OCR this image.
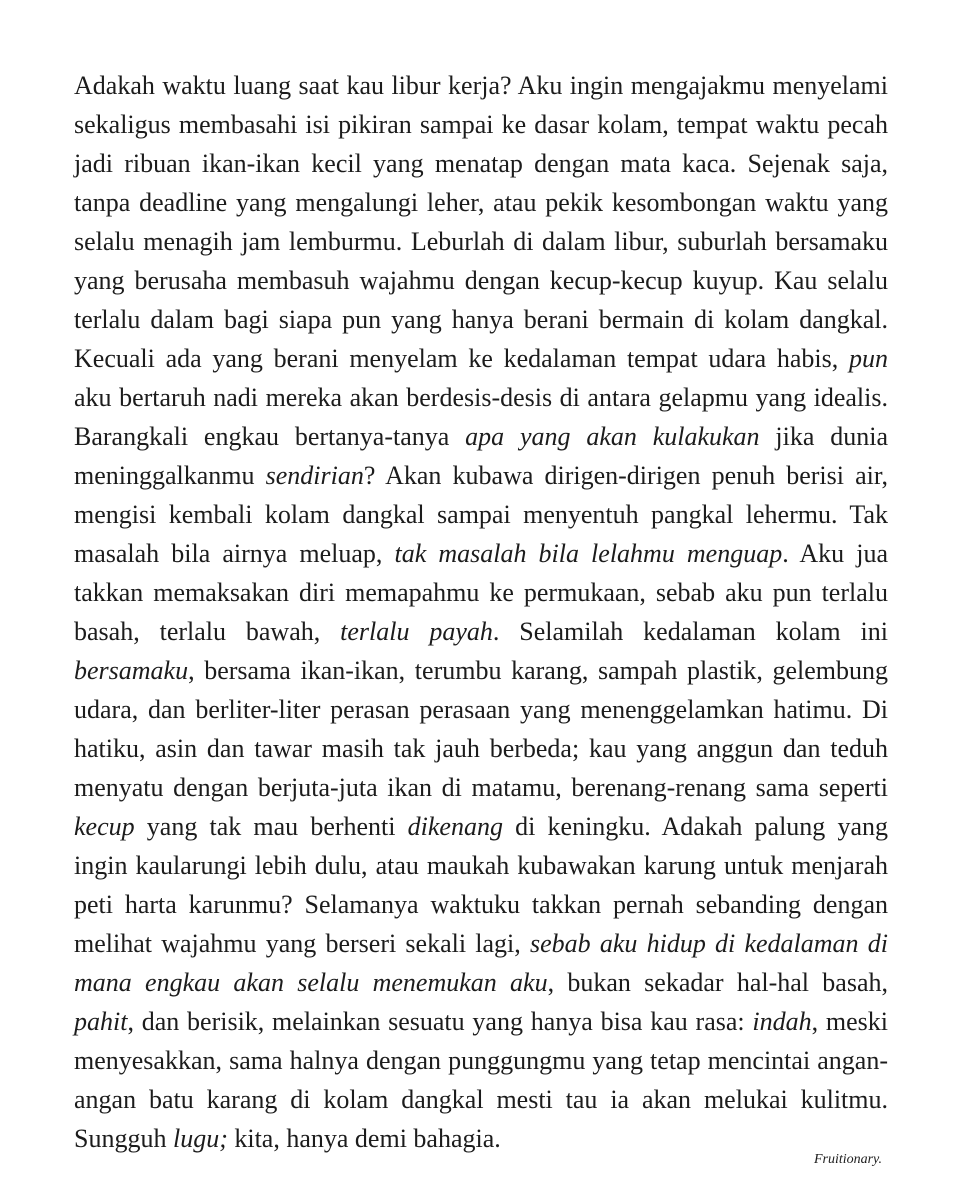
Adakah waktu luang saat kau libur kerja? Aku ingin mengajakmu menyelami sekaligus membasahi isi pikiran sampai ke dasar kolam, tempat waktu pecah jadi ribuan ikan-ikan kecil yang menatap dengan mata kaca. Sejenak saja, tanpa deadline yang mengalungi leher, atau pekik kesombongan waktu yang selalu menagih jam lemburmu. Leburlah di dalam libur, suburlah bersamaku yang berusaha membasuh wajahmu dengan kecup-kecup kuyup. Kau selalu terlalu dalam bagi siapa pun yang hanya berani bermain di kolam dangkal. Kecuali ada yang berani menyelam ke kedalaman tempat udara habis, pun aku bertaruh nadi mereka akan berdesis-desis di antara gelapmu yang idealis. Barangkali engkau bertanya-tanya apa yang akan kulakukan jika dunia meninggalkanmu sendirian? Akan kubawa dirigen-dirigen penuh berisi air, mengisi kembali kolam dangkal sampai menyentuh pangkal lehermu. Tak masalah bila airnya meluap, tak masalah bila lelahmu menguap. Aku jua takkan memaksakan diri memapahmu ke permukaan, sebab aku pun terlalu basah, terlalu bawah, terlalu payah. Selamilah kedalaman kolam ini bersamaku, bersama ikan-ikan, terumbu karang, sampah plastik, gelembung udara, dan berliter-liter perasan perasaan yang menenggelamkan hatimu. Di hatiku, asin dan tawar masih tak jauh berbeda; kau yang anggun dan teduh menyatu dengan berjuta-juta ikan di matamu, berenang-renang sama seperti kecup yang tak mau berhenti dikenang di keningku. Adakah palung yang ingin kaularungi lebih dulu, atau maukah kubawakan karung untuk menjarah peti harta karunmu? Selamanya waktuku takkan pernah sebanding dengan melihat wajahmu yang berseri sekali lagi, sebab aku hidup di kedalaman di mana engkau akan selalu menemukan aku, bukan sekadar hal-hal basah, pahit, dan berisik, melainkan sesuatu yang hanya bisa kau rasa: indah, meski menyesakkan, sama halnya dengan punggungmu yang tetap mencintai angan-angan batu karang di kolam dangkal mesti tau ia akan melukai kulitmu. Sungguh lugu; kita, hanya demi bahagia.

Fruitionary.
